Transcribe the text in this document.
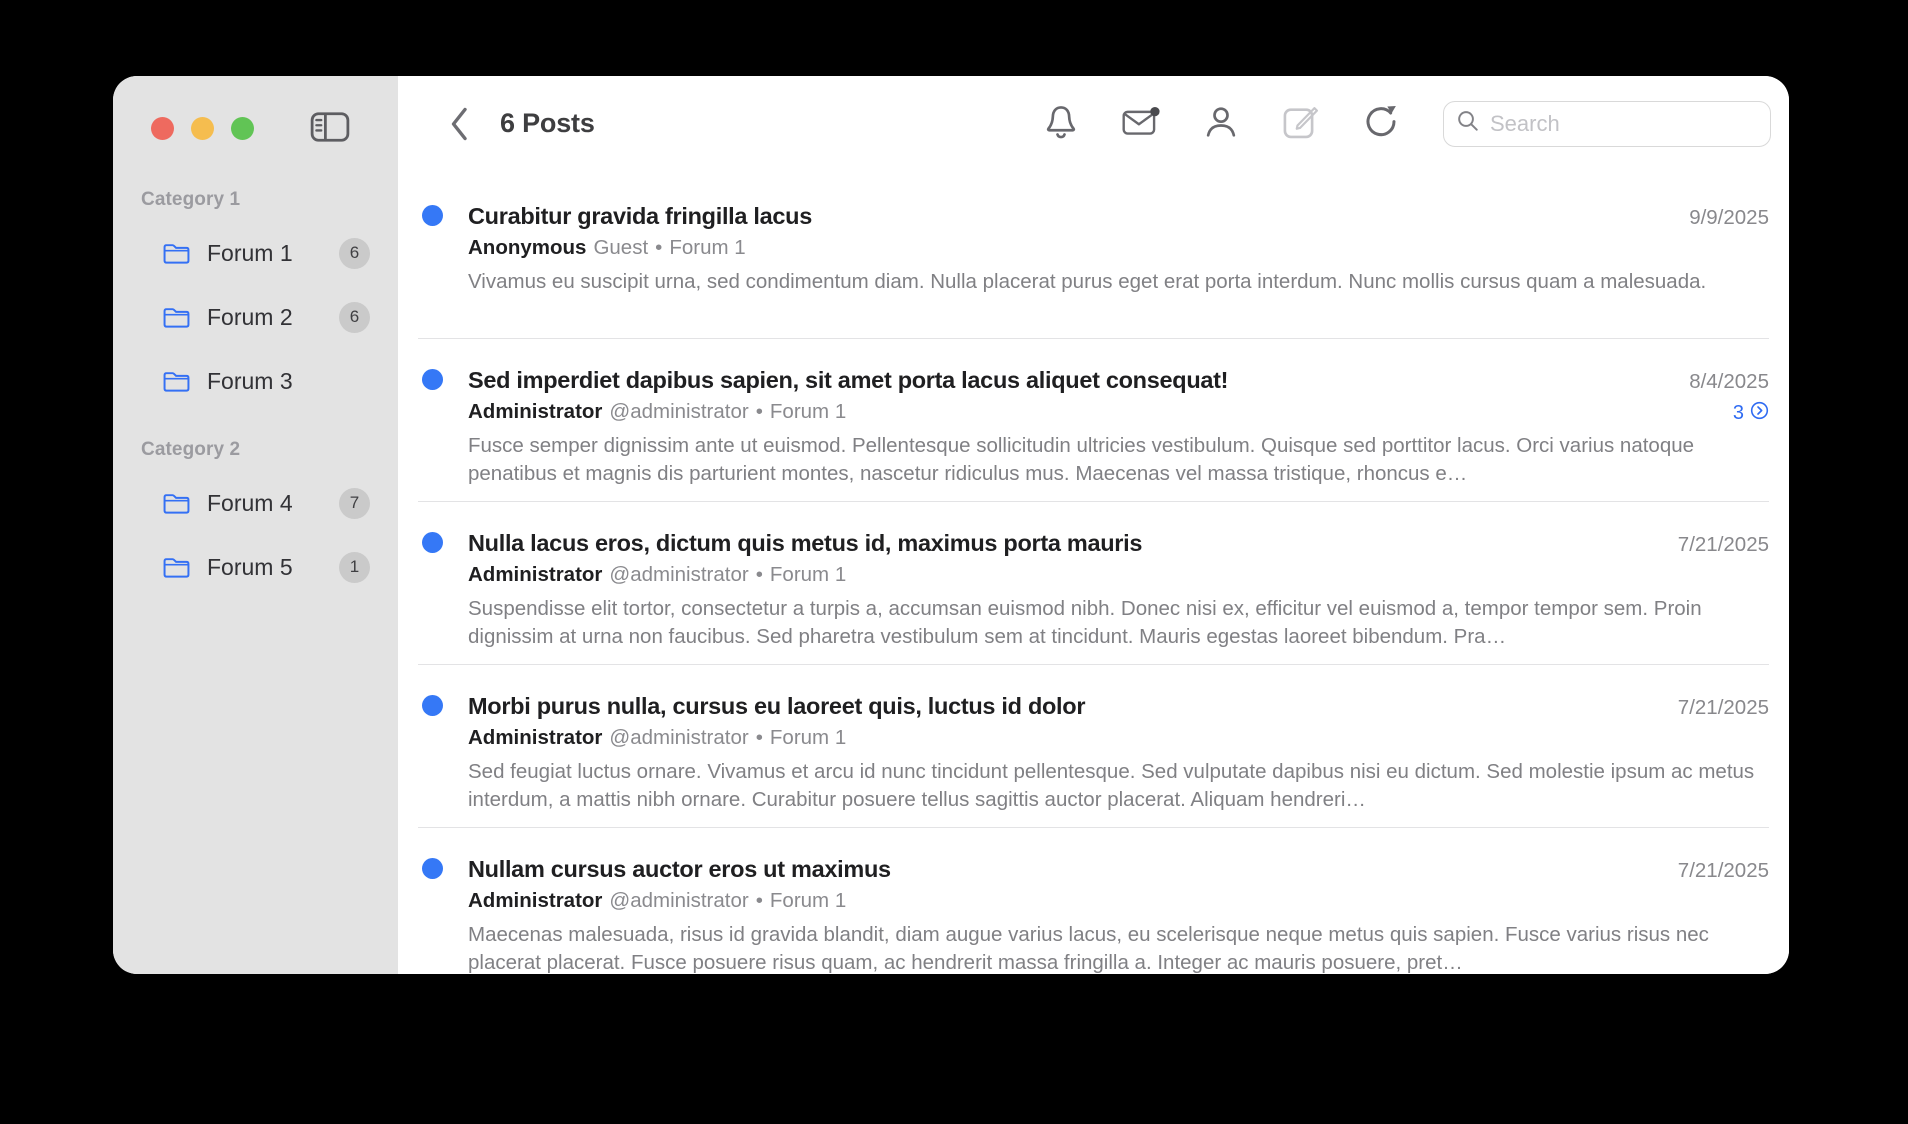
Category 1
Forum 1	6
Forum 2	6
Forum 3
Category 2
Forum 4	7
Forum 5	1
6 Posts
Search
Curabitur gravida fringilla lacus	9/9/2025
Anonymous Guest • Forum 1
Vivamus eu suscipit urna, sed condimentum diam. Nulla placerat purus eget erat porta interdum. Nunc mollis cursus quam a malesuada.
Sed imperdiet dapibus sapien, sit amet porta lacus aliquet consequat!	8/4/2025
3
Administrator @administrator • Forum 1
Fusce semper dignissim ante ut euismod. Pellentesque sollicitudin ultricies vestibulum. Quisque sed porttitor lacus. Orci varius natoque penatibus et magnis dis parturient montes, nascetur ridiculus mus. Maecenas vel massa tristique, rhoncus e…
Nulla lacus eros, dictum quis metus id, maximus porta mauris	7/21/2025
Administrator @administrator • Forum 1
Suspendisse elit tortor, consectetur a turpis a, accumsan euismod nibh. Donec nisi ex, efficitur vel euismod a, tempor tempor sem. Proin dignissim at urna non faucibus. Sed pharetra vestibulum sem at tincidunt. Mauris egestas laoreet bibendum. Pra…
Morbi purus nulla, cursus eu laoreet quis, luctus id dolor	7/21/2025
Administrator @administrator • Forum 1
Sed feugiat luctus ornare. Vivamus et arcu id nunc tincidunt pellentesque. Sed vulputate dapibus nisi eu dictum. Sed molestie ipsum ac metus interdum, a mattis nibh ornare. Curabitur posuere tellus sagittis auctor placerat. Aliquam hendreri…
Nullam cursus auctor eros ut maximus	7/21/2025
Administrator @administrator • Forum 1
Maecenas malesuada, risus id gravida blandit, diam augue varius lacus, eu scelerisque neque metus quis sapien. Fusce varius risus nec placerat placerat. Fusce posuere risus quam, ac hendrerit massa fringilla a. Integer ac mauris posuere, pret…
